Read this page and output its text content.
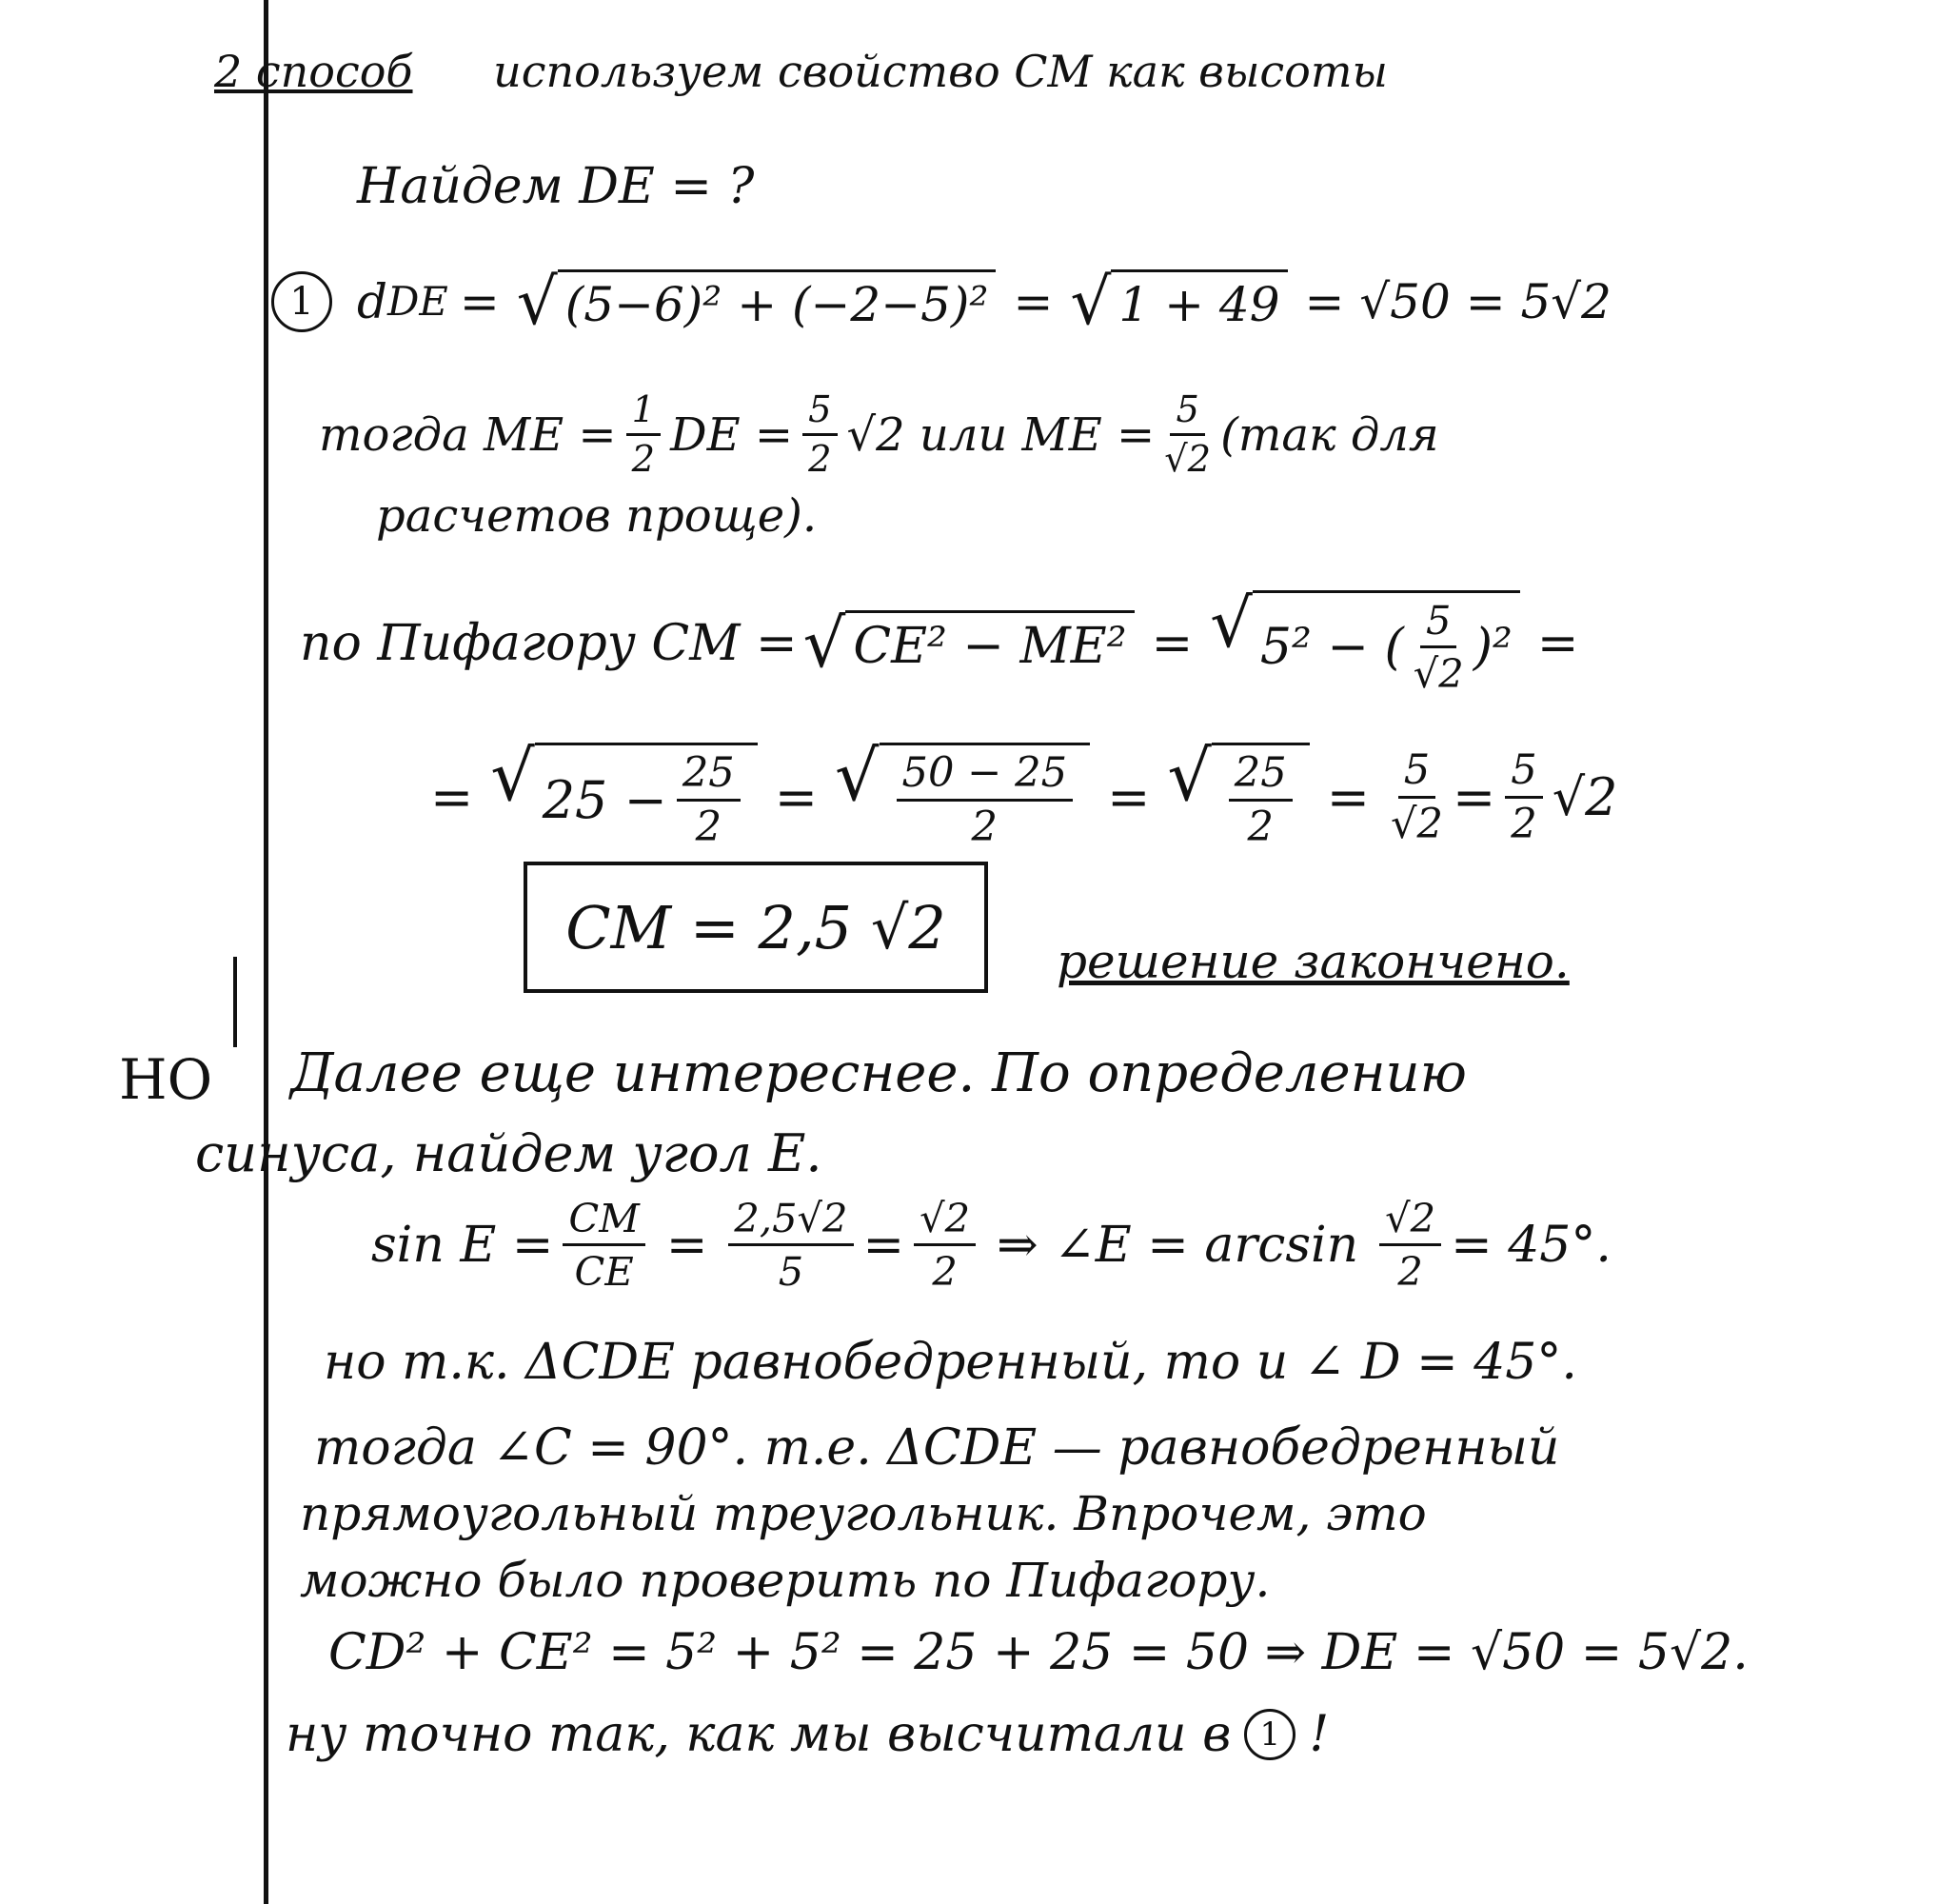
2 способ используем свойство CM как высоты
Найдем DE = ?
1 d DE = √ (5−6)² + (−2−5)² = √ 1 + 49 = √50 = 5√2
тогда ME = $\frac{1}{2}$ DE = $\frac{5}{2} √2$ или ME = $\frac{5}{√2} (так$ для
расчетов проще).
по Пифагору CM = √ CE² − ME² = √ 5² − ( $\frac{5}{√2} )^2$ =
= √ $25 - \frac{25}{2}$ = √ $\frac{50 - 25}{2}$ = √ $\frac{25}{2} = \frac{5}{√2} = \frac{5}{2} √2$
CM = 2,5 √2	решение закончено.
НО Далее еще интереснее. По определению
синуса, найдем угол E.
$\sin E = \frac{CM}{CE} = \frac{2,5√2}{5} = \frac{√2}{2}$ ⇒ ∠E = $\arcsin \frac{√2}{2} = 45^\circ$.
но т.к. ΔCDE равнобедренный, то и ∠ D = 45°.
тогда ∠C = 90°. т.е. ΔCDE — равнобедренный
прямоугольный треугольник. Впрочем, это
можно было проверить по Пифагору.
CD² + CE² = 5² + 5² = 25 + 25 = 50 ⇒ DE = √50 = 5√2.
ну точно так, как мы высчитали в 1 !
